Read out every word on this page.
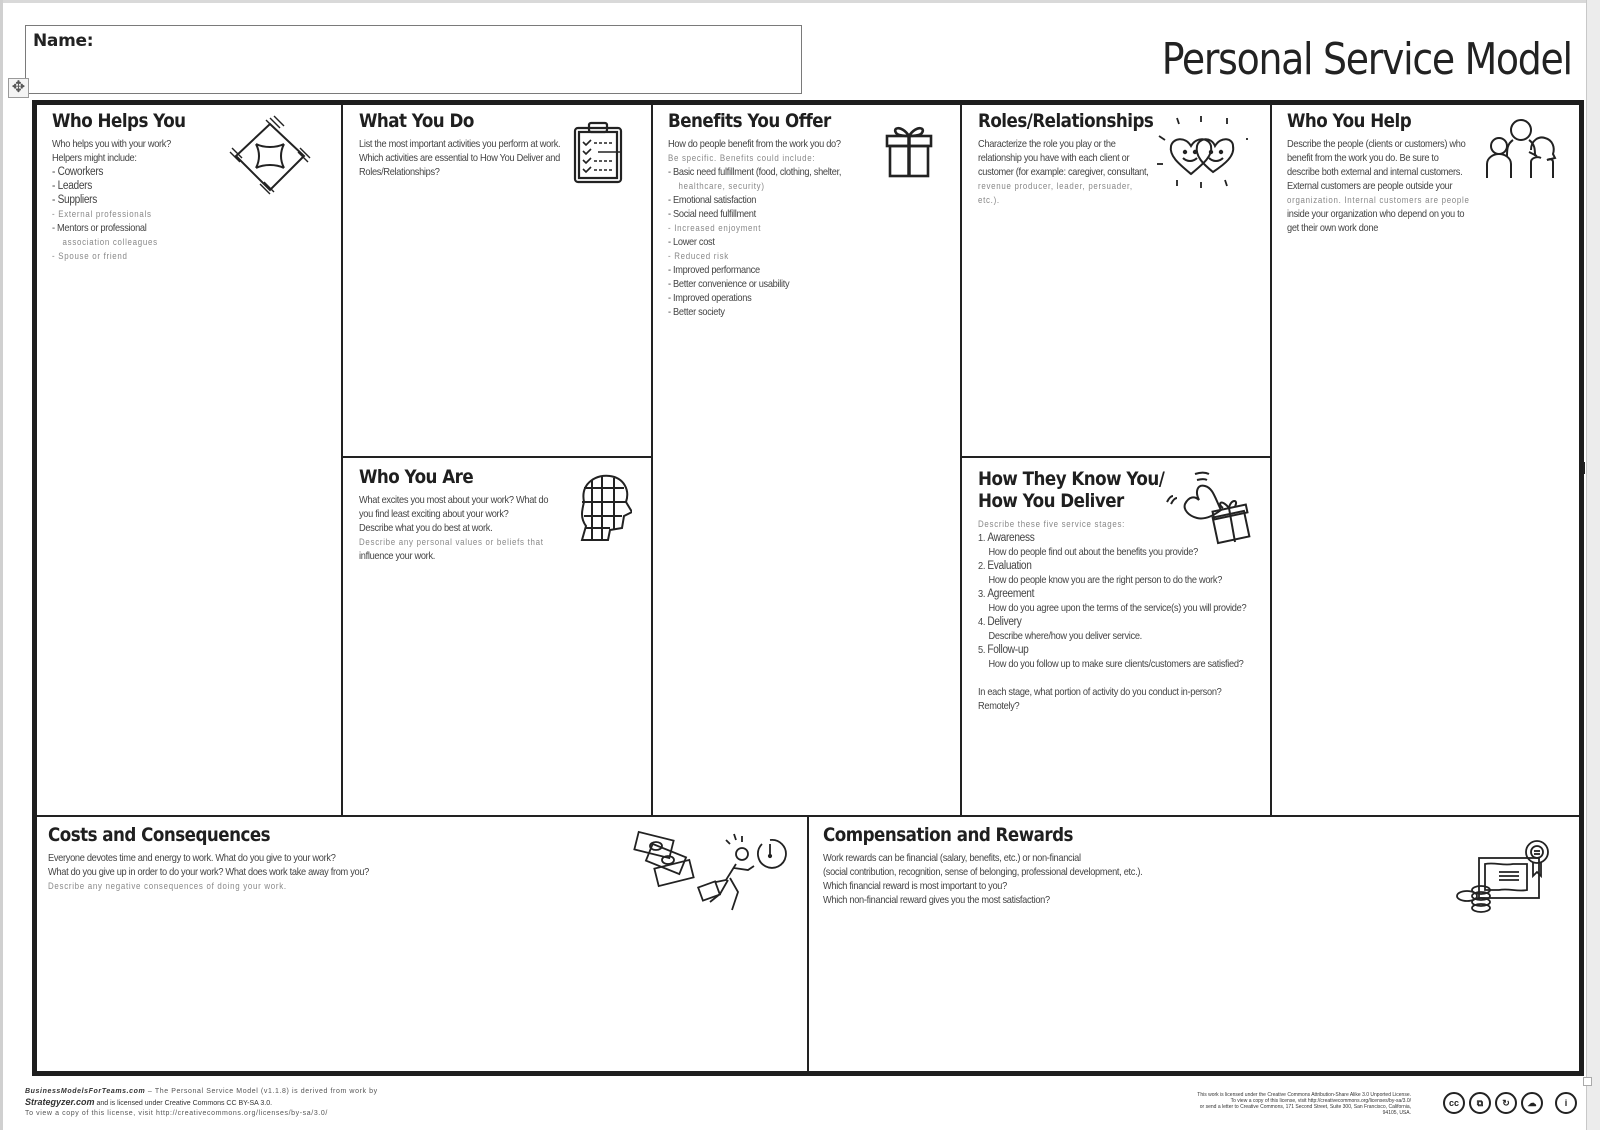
Name:
✥
Personal Service Model
Who Helps You
Who helps you with your work?
Helpers might include:
- Coworkers
- Leaders
- Suppliers
- External professionals
- Mentors or professional
association colleagues
- Spouse or friend
What You Do
List the most important activities you perform at work.
Which activities are essential to How You Deliver and
Roles/Relationships?
Who You Are
What excites you most about your work? What do
you find least exciting about your work?
Describe what you do best at work.
Describe any personal values or beliefs that
influence your work.
Benefits You Offer
How do people benefit from the work you do?
Be specific. Benefits could include:
- Basic need fulfillment (food, clothing, shelter,
healthcare, security)
- Emotional satisfaction
- Social need fulfillment
- Increased enjoyment
- Lower cost
- Reduced risk
- Improved performance
- Better convenience or usability
- Improved operations
- Better society
Roles/Relationships
Characterize the role you play or the
relationship you have with each client or
customer (for example: caregiver, consultant,
revenue producer, leader, persuader, etc.).
How They Know You/
How You Deliver
Describe these five service stages:
1. Awareness
How do people find out about the benefits you provide?
2. Evaluation
How do people know you are the right person to do the work?
3. Agreement
How do you agree upon the terms of the service(s) you will provide?
4. Delivery
Describe where/how you deliver service.
5. Follow-up
How do you follow up to make sure clients/customers are satisfied?
In each stage, what portion of activity do you conduct in-person? Remotely?
Who You Help
Describe the people (clients or customers) who
benefit from the work you do. Be sure to
describe both external and internal customers.
External customers are people outside your
organization. Internal customers are people
inside your organization who depend on you to
get their own work done
Costs and Consequences
Everyone devotes time and energy to work. What do you give to your work?
What do you give up in order to do your work? What does work take away from you?
Describe any negative consequences of doing your work.
Compensation and Rewards
Work rewards can be financial (salary, benefits, etc.) or non-financial
(social contribution, recognition, sense of belonging, professional development, etc.).
Which financial reward is most important to you?
Which non-financial reward gives you the most satisfaction?
BusinessModelsForTeams.com – The Personal Service Model (v1.1.8) is derived from work by
Strategyzer.com and is licensed under Creative Commons CC BY-SA 3.0.
To view a copy of this license, visit http://creativecommons.org/licenses/by-sa/3.0/
This work is licensed under the Creative Commons Attribution-Share Alike 3.0 Unported License.
To view a copy of this license, visit http://creativecommons.org/licenses/by-sa/3.0/
or send a letter to Creative Commons, 171 Second Street, Suite 300, San Francisco, California, 94105, USA.
cc	⧉	↻	☁	i
